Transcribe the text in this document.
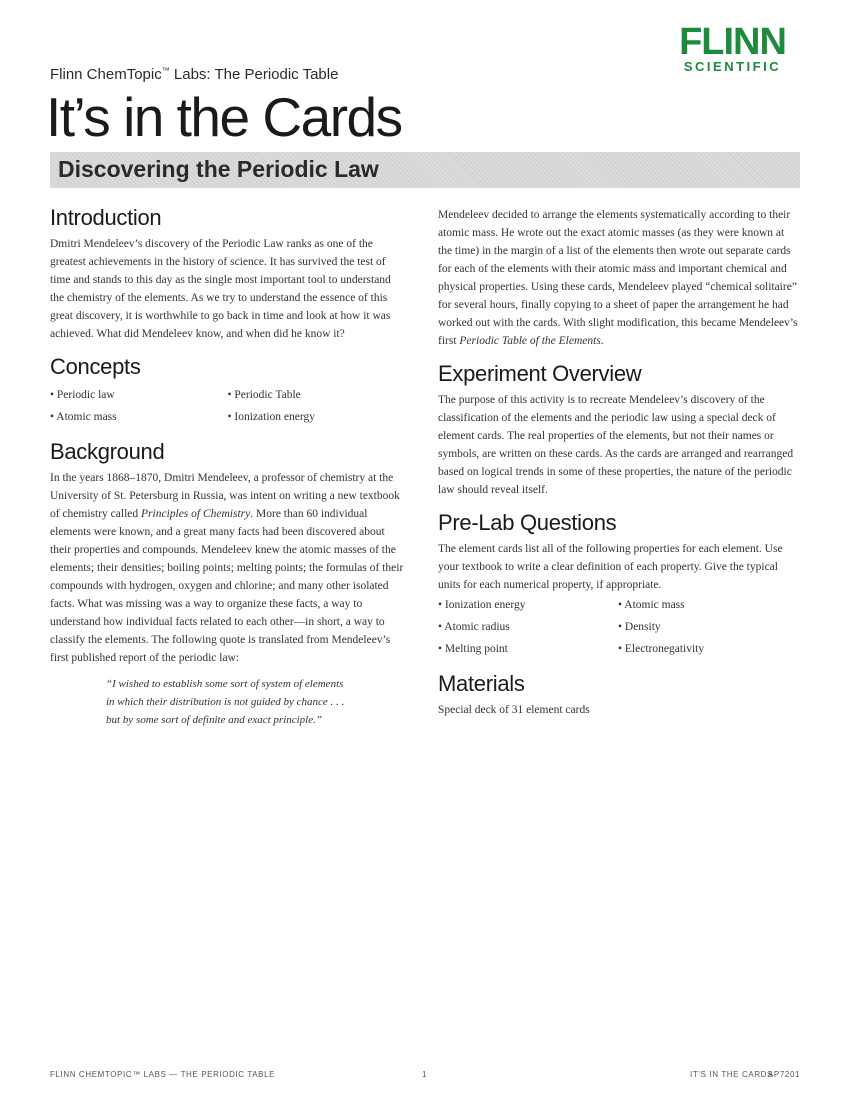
FLINN
SCIENTIFIC
Flinn ChemTopic™ Labs: The Periodic Table
It’s in the Cards
Discovering the Periodic Law
Introduction

Dmitri Mendeleev’s discovery of the Periodic Law ranks as one of the greatest achievements in the history of science. It has survived the test of time and stands to this day as the single most important tool to understand the chemistry of the elements. As we try to understand the essence of this great discovery, it is worthwhile to go back in time and look at how it was achieved. What did Mendeleev know, and when did he know it?

Concepts
• Periodic law	• Periodic Table
• Atomic mass	• Ionization energy
Background

In the years 1868–1870, Dmitri Mendeleev, a professor of chemistry at the University of St. Petersburg in Russia, was intent on writing a new textbook of chemistry called Principles of Chemistry. More than 60 individual elements were known, and a great many facts had been discovered about their properties and compounds. Mendeleev knew the atomic masses of the elements; their densities; boiling points; melting points; the formulas of their compounds with hydrogen, oxygen and chlorine; and many other isolated facts. What was missing was a way to organize these facts, a way to understand how individual facts related to each other—in short, a way to classify the elements. The following quote is translated from Mendeleev’s first published report of the periodic law:

“I wished to establish some sort of system of elements
in which their distribution is not guided by chance . . .
but by some sort of definite and exact principle.”

Mendeleev decided to arrange the elements systematically according to their atomic mass. He wrote out the exact atomic masses (as they were known at the time) in the margin of a list of the elements then wrote out separate cards for each of the elements with their atomic mass and important chemical and physical properties. Using these cards, Mendeleev played “chemical solitaire” for several hours, finally copying to a sheet of paper the arrangement he had worked out with the cards. With slight modification, this became Mendeleev’s first Periodic Table of the Elements.

Experiment Overview

The purpose of this activity is to recreate Mendeleev’s discovery of the classification of the elements and the periodic law using a special deck of element cards. The real properties of the elements, but not their names or symbols, are written on these cards. As the cards are arranged and rearranged based on logical trends in some of these properties, the nature of the periodic law should reveal itself.

Pre-Lab Questions

The element cards list all of the following properties for each element. Use your textbook to write a clear definition of each property. Give the typical units for each numerical property, if appropriate.

• Ionization energy	• Atomic mass
• Atomic radius	• Density
• Melting point	• Electronegativity
Materials

Special deck of 31 element cards

FLINN CHEMTOPIC™ LABS — THE PERIODIC TABLE	1	IT’S IN THE CARDS
AP7201
